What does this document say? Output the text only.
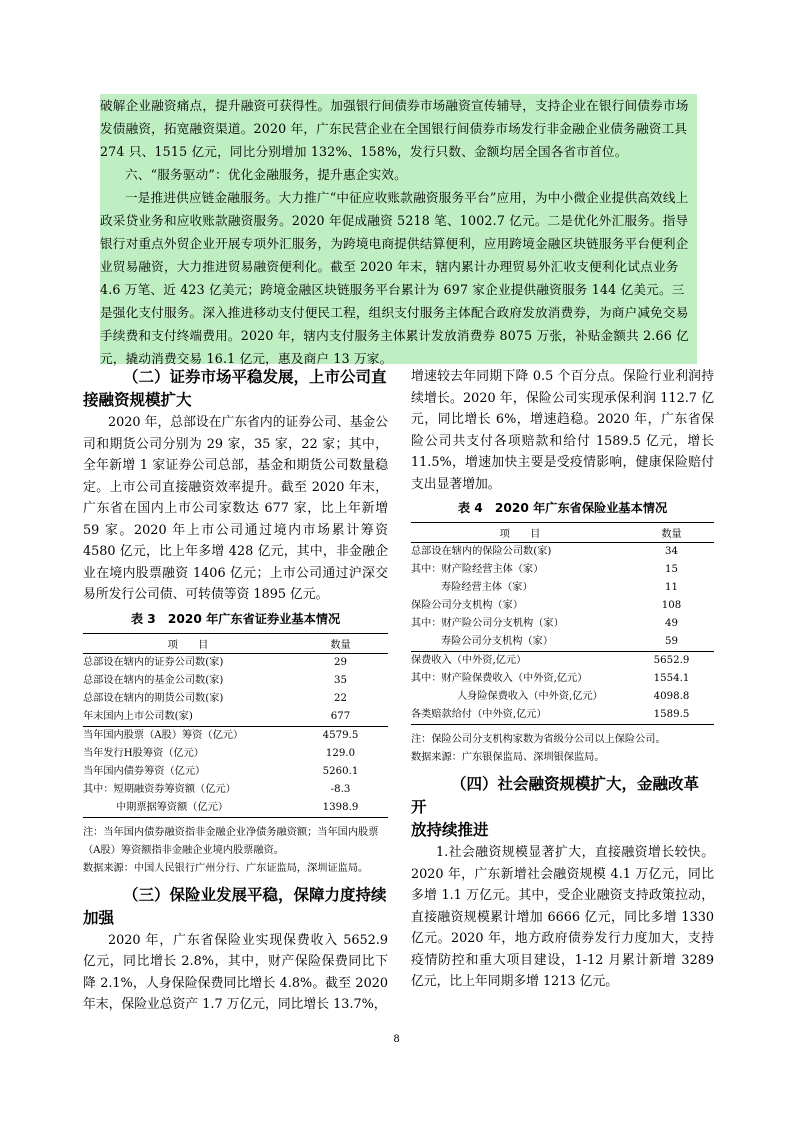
破解企业融资痛点，提升融资可获得性。加强银行间债券市场融资宣传辅导，支持企业在银行间债券市场发债融资，拓宽融资渠道。2020 年，广东民营企业在全国银行间债券市场发行非金融企业债务融资工具 274 只、1515 亿元，同比分别增加 132%、158%，发行只数、金额均居全国各省市首位。

六、“服务驱动”：优化金融服务，提升惠企实效。

一是推进供应链金融服务。大力推广“中征应收账款融资服务平台”应用，为中小微企业提供高效线上政采贷业务和应收账款融资服务。2020 年促成融资 5218 笔、1002.7 亿元。二是优化外汇服务。指导银行对重点外贸企业开展专项外汇服务，为跨境电商提供结算便利，应用跨境金融区块链服务平台便利企业贸易融资，大力推进贸易融资便利化。截至 2020 年末，辖内累计办理贸易外汇收支便利化试点业务 4.6 万笔、近 423 亿美元；跨境金融区块链服务平台累计为 697 家企业提供融资服务 144 亿美元。三是强化支付服务。深入推进移动支付便民工程，组织支付服务主体配合政府发放消费券，为商户减免交易手续费和支付终端费用。2020 年，辖内支付服务主体累计发放消费券 8075 万张，补贴金额共 2.66 亿元，撬动消费交易 16.1 亿元，惠及商户 13 万家。

（二）证券市场平稳发展，上市公司直
接融资规模扩大

2020 年，总部设在广东省内的证券公司、基金公司和期货公司分别为 29 家，35 家，22 家；其中，全年新增 1 家证券公司总部，基金和期货公司数量稳定。上市公司直接融资效率提升。截至 2020 年末，广东省在国内上市公司家数达 677 家，比上年新增 59 家。2020 年上市公司通过境内市场累计筹资 4580 亿元，比上年多增 428 亿元，其中，非金融企业在境内股票融资 1406 亿元；上市公司通过沪深交易所发行公司债、可转债等资 1895 亿元。

表 3　2020 年广东省证券业基本情况
项　　目	数量
总部设在辖内的证券公司数(家)	29
总部设在辖内的基金公司数(家)	35
总部设在辖内的期货公司数(家)	22
年末国内上市公司数(家)	677
当年国内股票（A股）筹资（亿元）	4579.5
当年发行H股筹资（亿元）	129.0
当年国内债券筹资（亿元）	5260.1
其中：短期融资券筹资额（亿元）	-8.3
中期票据筹资额（亿元）	1398.9

注：当年国内债券融资指非金融企业净债务融资额；当年国内股票（A股）筹资额指非金融企业境内股票融资。

数据来源：中国人民银行广州分行、广东证监局，深圳证监局。

（三）保险业发展平稳，保障力度持续
加强

2020 年，广东省保险业实现保费收入 5652.9 亿元，同比增长 2.8%，其中，财产保险保费同比下降 2.1%，人身保险保费同比增长 4.8%。截至 2020 年末，保险业总资产 1.7 万亿元，同比增长 13.7%，

增速较去年同期下降 0.5 个百分点。保险行业利润持续增长。2020 年，保险公司实现承保利润 112.7 亿元，同比增长 6%，增速趋稳。2020 年，广东省保险公司共支付各项赔款和给付 1589.5 亿元，增长 11.5%，增速加快主要是受疫情影响，健康保险赔付支出显著增加。

表 4　2020 年广东省保险业基本情况
项　　目	数量
总部设在辖内的保险公司数(家)	34
其中：财产险经营主体（家）	15
寿险经营主体（家）	11
保险公司分支机构（家）	108
其中：财产险公司分支机构（家）	49
寿险公司分支机构（家）	59
保费收入（中外资,亿元）	5652.9
其中：财产险保费收入（中外资,亿元）	1554.1
人身险保费收入（中外资,亿元）	4098.8
各类赔款给付（中外资,亿元）	1589.5

注：保险公司分支机构家数为省级分公司以上保险公司。

数据来源：广东银保监局、深圳银保监局。

（四）社会融资规模扩大，金融改革开
放持续推进

1.社会融资规模显著扩大，直接融资增长较快。2020 年，广东新增社会融资规模 4.1 万亿元，同比多增 1.1 万亿元。其中，受企业融资支持政策拉动，直接融资规模累计增加 6666 亿元，同比多增 1330 亿元。2020 年，地方政府债券发行力度加大，支持疫情防控和重大项目建设，1-12 月累计新增 3289 亿元，比上年同期多增 1213 亿元。

8
